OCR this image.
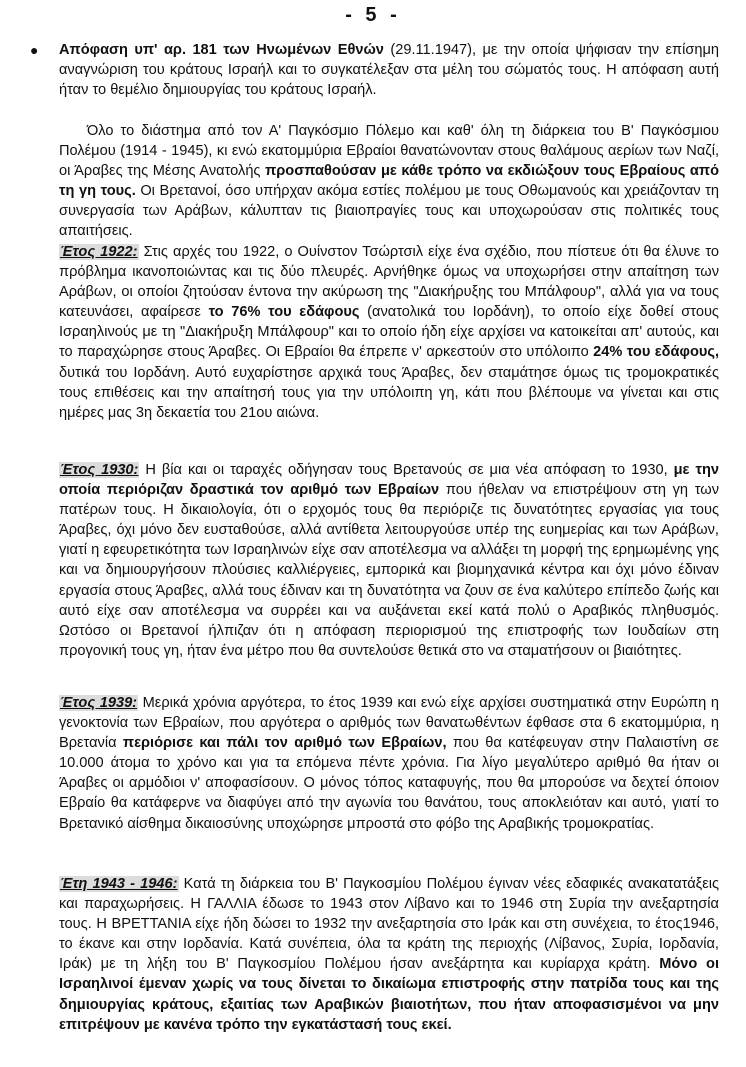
- 5 -
● Απόφαση υπ' αρ. 181 των Ηνωμένων Εθνών (29.11.1947), με την οποία ψήφισαν την επίσημη αναγνώριση του κράτους Ισραήλ και το συγκατέλεξαν στα μέλη του σώματός τους. Η απόφαση αυτή ήταν το θεμέλιο δημιουργίας του κράτους Ισραήλ.

Όλο το διάστημα από τον Α' Παγκόσμιο Πόλεμο και καθ' όλη τη διάρκεια του Β' Παγκόσμιου Πολέμου (1914 - 1945), κι ενώ εκατομμύρια Εβραίοι θανατώνονταν στους θαλάμους αερίων των Ναζί, οι Άραβες της Μέσης Ανατολής προσπαθούσαν με κάθε τρόπο να εκδιώξουν τους Εβραίους από τη γη τους. Οι Βρετανοί, όσο υπήρχαν ακόμα εστίες πολέμου με τους Οθωμανούς και χρειάζονταν τη συνεργασία των Αράβων, κάλυπταν τις βιαιοπραγίες τους και υποχωρούσαν στις πολιτικές τους απαιτήσεις.

Έτος 1922: Στις αρχές του 1922, ο Ουίνστον Τσώρτσιλ είχε ένα σχέδιο, που πίστευε ότι θα έλυνε το πρόβλημα ικανοποιώντας και τις δύο πλευρές. Αρνήθηκε όμως να υποχωρήσει στην απαίτηση των Αράβων, οι οποίοι ζητούσαν έντονα την ακύρωση της "Διακήρυξης του Μπάλφουρ", αλλά για να τους κατευνάσει, αφαίρεσε το 76% του εδάφους (ανατολικά του Ιορδάνη), το οποίο είχε δοθεί στους Ισραηλινούς με τη "Διακήρυξη Μπάλφουρ" και το οποίο ήδη είχε αρχίσει να κατοικείται απ' αυτούς, και το παραχώρησε στους Άραβες. Οι Εβραίοι θα έπρεπε ν' αρκεστούν στο υπόλοιπο 24% του εδάφους, δυτικά του Ιορδάνη. Αυτό ευχαρίστησε αρχικά τους Άραβες, δεν σταμάτησε όμως τις τρομοκρατικές τους επιθέσεις και την απαίτησή τους για την υπόλοιπη γη, κάτι που βλέπουμε να γίνεται και στις ημέρες μας 3η δεκαετία του 21ου αιώνα.

Έτος 1930: Η βία και οι ταραχές οδήγησαν τους Βρετανούς σε μια νέα απόφαση το 1930, με την οποία περιόριζαν δραστικά τον αριθμό των Εβραίων που ήθελαν να επιστρέψουν στη γη των πατέρων τους. Η δικαιολογία, ότι ο ερχομός τους θα περιόριζε τις δυνατότητες εργασίας για τους Άραβες, όχι μόνο δεν ευσταθούσε, αλλά αντίθετα λειτουργούσε υπέρ της ευημερίας και των Αράβων, γιατί η εφευρετικότητα των Ισραηλινών είχε σαν αποτέλεσμα να αλλάξει τη μορφή της ερημωμένης γης και να δημιουργήσουν πλούσιες καλλιέργειες, εμπορικά και βιομηχανικά κέντρα και όχι μόνο έδιναν εργασία στους Άραβες, αλλά τους έδιναν και τη δυνατότητα να ζουν σε ένα καλύτερο επίπεδο ζωής και αυτό είχε σαν αποτέλεσμα να συρρέει και να αυξάνεται εκεί κατά πολύ ο Αραβικός πληθυσμός. Ωστόσο οι Βρετανοί ήλπιζαν ότι η απόφαση περιορισμού της επιστροφής των Ιουδαίων στη προγονική τους γη, ήταν ένα μέτρο που θα συντελούσε θετικά στο να σταματήσουν οι βιαιότητες.

Έτος 1939: Μερικά χρόνια αργότερα, το έτος 1939 και ενώ είχε αρχίσει συστηματικά στην Ευρώπη η γενοκτονία των Εβραίων, που αργότερα ο αριθμός των θανατωθέντων έφθασε στα 6 εκατομμύρια, η Βρετανία περιόρισε και πάλι τον αριθμό των Εβραίων, που θα κατέφευγαν στην Παλαιστίνη σε 10.000 άτομα το χρόνο και για τα επόμενα πέντε χρόνια. Για λίγο μεγαλύτερο αριθμό θα ήταν οι Άραβες οι αρμόδιοι ν' αποφασίσουν. Ο μόνος τόπος καταφυγής, που θα μπορούσε να δεχτεί όποιον Εβραίο θα κατάφερνε να διαφύγει από την αγωνία του θανάτου, τους αποκλειόταν και αυτό, γιατί το Βρετανικό αίσθημα δικαιοσύνης υποχώρησε μπροστά στο φόβο της Αραβικής τρομοκρατίας.

Έτη 1943 - 1946: Κατά τη διάρκεια του Β' Παγκοσμίου Πολέμου έγιναν νέες εδαφικές ανακατατάξεις και παραχωρήσεις. Η ΓΑΛΛΙΑ έδωσε το 1943 στον Λίβανο και το 1946 στη Συρία την ανεξαρτησία τους. Η ΒΡΕΤΤΑΝΙΑ είχε ήδη δώσει το 1932 την ανεξαρτησία στο Ιράκ και στη συνέχεια, το έτος1946, το έκανε και στην Ιορδανία. Κατά συνέπεια, όλα τα κράτη της περιοχής (Λίβανος, Συρία, Ιορδανία, Ιράκ) με τη λήξη του Β' Παγκοσμίου Πολέμου ήσαν ανεξάρτητα και κυρίαρχα κράτη. Μόνο οι Ισραηλινοί έμεναν χωρίς να τους δίνεται το δικαίωμα επιστροφής στην πατρίδα τους και της δημιουργίας κράτους, εξαιτίας των Αραβικών βιαιοτήτων, που ήταν αποφασισμένοι να μην επιτρέψουν με κανένα τρόπο την εγκατάστασή τους εκεί.
